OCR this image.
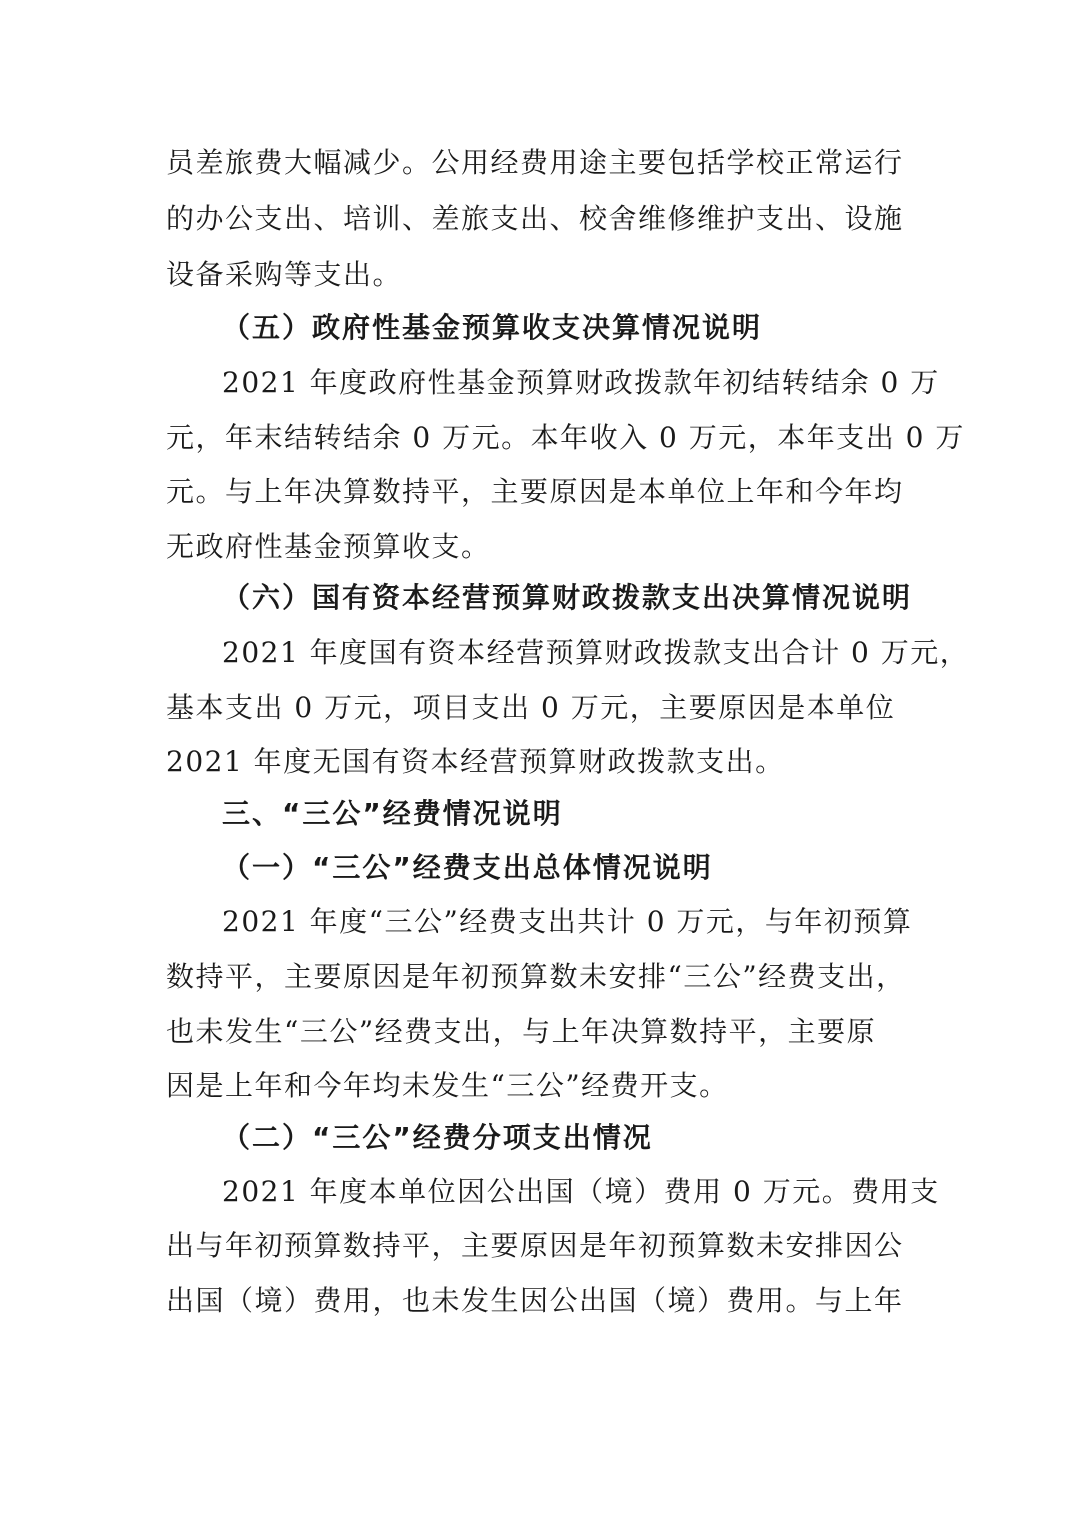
员差旅费大幅减少。公用经费用途主要包括学校正常运行
的办公支出、培训、差旅支出、校舍维修维护支出、设施
设备采购等支出。
（五）政府性基金预算收支决算情况说明
2021 年度政府性基金预算财政拨款年初结转结余 0 万
元，年末结转结余 0 万元。本年收入 0 万元，本年支出 0 万
元。与上年决算数持平，主要原因是本单位上年和今年均
无政府性基金预算收支。
（六）国有资本经营预算财政拨款支出决算情况说明
2021 年度国有资本经营预算财政拨款支出合计 0 万元，
基本支出 0 万元，项目支出 0 万元，主要原因是本单位
2021 年度无国有资本经营预算财政拨款支出。
三、“三公”经费情况说明
（一）“三公”经费支出总体情况说明
2021 年度“三公”经费支出共计 0 万元，与年初预算
数持平，主要原因是年初预算数未安排“三公”经费支出，
也未发生“三公”经费支出，与上年决算数持平，主要原
因是上年和今年均未发生“三公”经费开支。
（二）“三公”经费分项支出情况
2021 年度本单位因公出国（境）费用 0 万元。费用支
出与年初预算数持平，主要原因是年初预算数未安排因公
出国（境）费用，也未发生因公出国（境）费用。与上年
